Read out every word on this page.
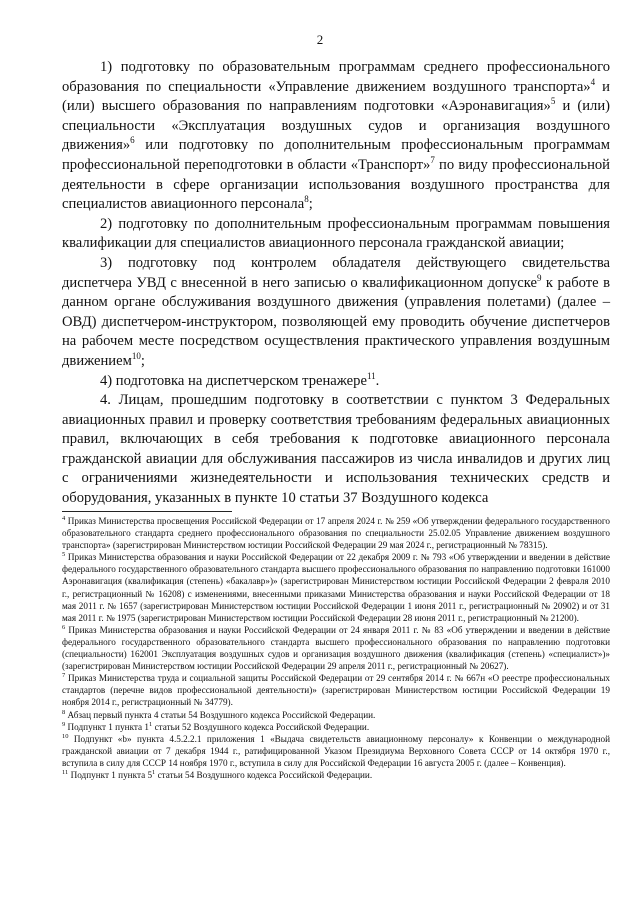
2

1) подготовку по образовательным программам среднего профессионального образования по специальности «Управление движением воздушного транспорта»$^4$ и (или) высшего образования по направлениям подготовки «Аэронавигация»$^5$ и (или) специальности «Эксплуатация воздушных судов и организация воздушного движения»$^6$ или подготовку по дополнительным профессиональным программам профессиональной переподготовки в области «Транспорт»$^7$ по виду профессиональной деятельности в сфере организации использования воздушного пространства для специалистов авиационного персонала$^8$;

2) подготовку по дополнительным профессиональным программам повышения квалификации для специалистов авиационного персонала гражданской авиации;

3) подготовку под контролем обладателя действующего свидетельства диспетчера УВД с внесенной в него записью о квалификационном допуске$^9$ к работе в данном органе обслуживания воздушного движения (управления полетами) (далее – ОВД) диспетчером-инструктором, позволяющей ему проводить обучение диспетчеров на рабочем месте посредством осуществления практического управления воздушным движением$^{10}$;

4) подготовка на диспетчерском тренажере$^{11}$.

4. Лицам, прошедшим подготовку в соответствии с пунктом 3 Федеральных авиационных правил и проверку соответствия требованиям федеральных авиационных правил, включающих в себя требования к подготовке авиационного персонала гражданской авиации для обслуживания пассажиров из числа инвалидов и других лиц с ограничениями жизнедеятельности и использования технических средств и оборудования, указанных в пункте 10 статьи 37 Воздушного кодекса

$^4$ Приказ Министерства просвещения Российской Федерации от 17 апреля 2024 г. № 259 «Об утверждении федерального государственного образовательного стандарта среднего профессионального образования по специальности 25.02.05 Управление движением воздушного транспорта» (зарегистрирован Министерством юстиции Российской Федерации 29 мая 2024 г., регистрационный № 78315).

$^5$ Приказ Министерства образования и науки Российской Федерации от 22 декабря 2009 г. № 793 «Об утверждении и введении в действие федерального государственного образовательного стандарта высшего профессионального образования по направлению подготовки 161000 Аэронавигация (квалификация (степень) «бакалавр»)» (зарегистрирован Министерством юстиции Российской Федерации 2 февраля 2010 г., регистрационный № 16208) с изменениями, внесенными приказами Министерства образования и науки Российской Федерации от 18 мая 2011 г. № 1657 (зарегистрирован Министерством юстиции Российской Федерации 1 июня 2011 г., регистрационный № 20902) и от 31 мая 2011 г. № 1975 (зарегистрирован Министерством юстиции Российской Федерации 28 июня 2011 г., регистрационный № 21200).

$^6$ Приказ Министерства образования и науки Российской Федерации от 24 января 2011 г. № 83 «Об утверждении и введении в действие федерального государственного образовательного стандарта высшего профессионального образования по направлению подготовки (специальности) 162001 Эксплуатация воздушных судов и организация воздушного движения (квалификация (степень) «специалист»)» (зарегистрирован Министерством юстиции Российской Федерации 29 апреля 2011 г., регистрационный № 20627).

$^7$ Приказ Министерства труда и социальной защиты Российской Федерации от 29 сентября 2014 г. № 667н «О реестре профессиональных стандартов (перечне видов профессиональной деятельности)» (зарегистрирован Министерством юстиции Российской Федерации 19 ноября 2014 г., регистрационный № 34779).

$^8$ Абзац первый пункта 4 статьи 54 Воздушного кодекса Российской Федерации.

$^9$ Подпункт 1 пункта $1^1$ статьи 52 Воздушного кодекса Российской Федерации.

$^{10}$ Подпункт «b» пункта 4.5.2.2.1 приложения 1 «Выдача свидетельств авиационному персоналу» к Конвенции о международной гражданской авиации от 7 декабря 1944 г., ратифицированной Указом Президиума Верховного Совета СССР от 14 октября 1970 г., вступила в силу для СССР 14 ноября 1970 г., вступила в силу для Российской Федерации 16 августа 2005 г. (далее – Конвенция).

$^{11}$ Подпункт 1 пункта $5^1$ статьи 54 Воздушного кодекса Российской Федерации.
